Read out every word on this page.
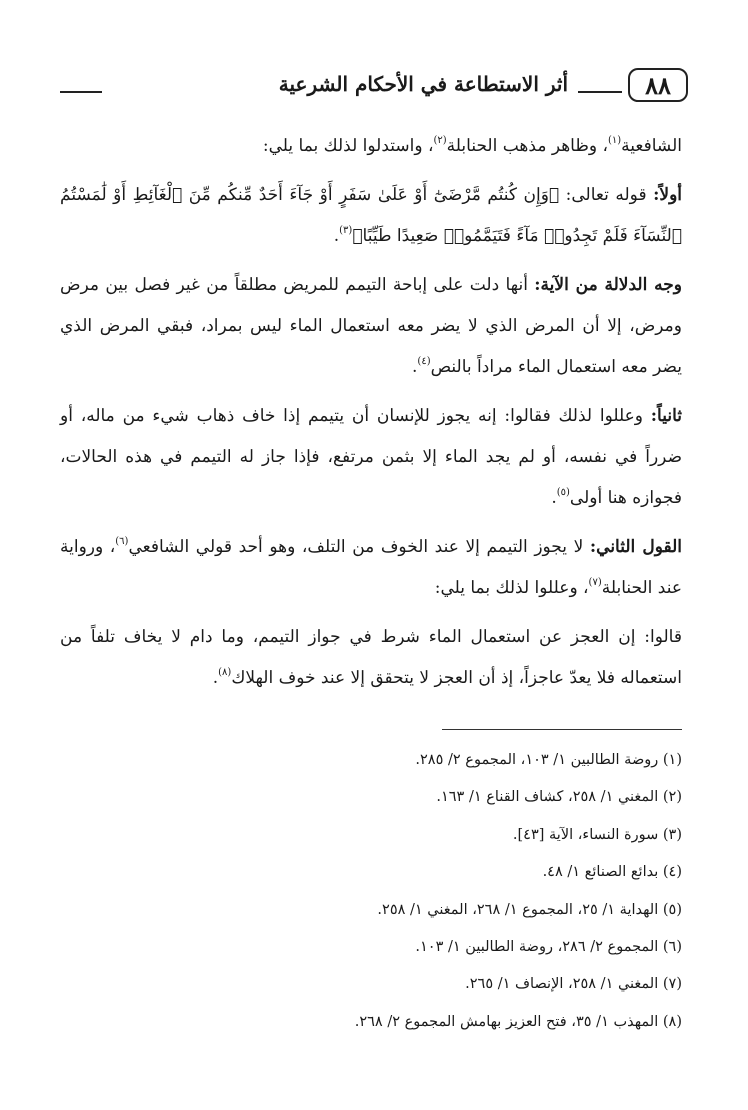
٨٨
أثر الاستطاعة في الأحكام الشرعية

الشافعية$^{(١)}$، وظاهر مذهب الحنابلة$^{(٢)}$، واستدلوا لذلك بما يلي:

أولاً: قوله تعالى: ﴿وَإِن كُنتُم مَّرْضَىٰٓ أَوْ عَلَىٰ سَفَرٍ أَوْ جَآءَ أَحَدٌ مِّنكُم مِّنَ ٱلْغَآئِطِ أَوْ لَٰمَسْتُمُ ٱلنِّسَآءَ فَلَمْ تَجِدُوا۟ مَآءً فَتَيَمَّمُوا۟ صَعِيدًا طَيِّبًا﴾$^{(٣)}$.

وجه الدلالة من الآية: أنها دلت على إباحة التيمم للمريض مطلقاً من غير فصل بين مرض ومرض، إلا أن المرض الذي لا يضر معه استعمال الماء ليس بمراد، فبقي المرض الذي يضر معه استعمال الماء مراداً بالنص$^{(٤)}$.

ثانياً: وعللوا لذلك فقالوا: إنه يجوز للإنسان أن يتيمم إذا خاف ذهاب شيء من ماله، أو ضرراً في نفسه، أو لم يجد الماء إلا بثمن مرتفع، فإذا جاز له التيمم في هذه الحالات، فجوازه هنا أولى$^{(٥)}$.

القول الثاني: لا يجوز التيمم إلا عند الخوف من التلف، وهو أحد قولي الشافعي$^{(٦)}$، ورواية عند الحنابلة$^{(٧)}$، وعللوا لذلك بما يلي:

قالوا: إن العجز عن استعمال الماء شرط في جواز التيمم، وما دام لا يخاف تلفاً من استعماله فلا يعدّ عاجزاً، إذ أن العجز لا يتحقق إلا عند خوف الهلاك$^{(٨)}$.

(١) روضة الطالبين ١/ ١٠٣، المجموع ٢/ ٢٨٥.
(٢) المغني ١/ ٢٥٨، كشاف القناع ١/ ١٦٣.
(٣) سورة النساء، الآية [٤٣].
(٤) بدائع الصنائع ١/ ٤٨.
(٥) الهداية ١/ ٢٥، المجموع ١/ ٢٦٨، المغني ١/ ٢٥٨.
(٦) المجموع ٢/ ٢٨٦، روضة الطالبين ١/ ١٠٣.
(٧) المغني ١/ ٢٥٨، الإنصاف ١/ ٢٦٥.
(٨) المهذب ١/ ٣٥، فتح العزيز بهامش المجموع ٢/ ٢٦٨.
